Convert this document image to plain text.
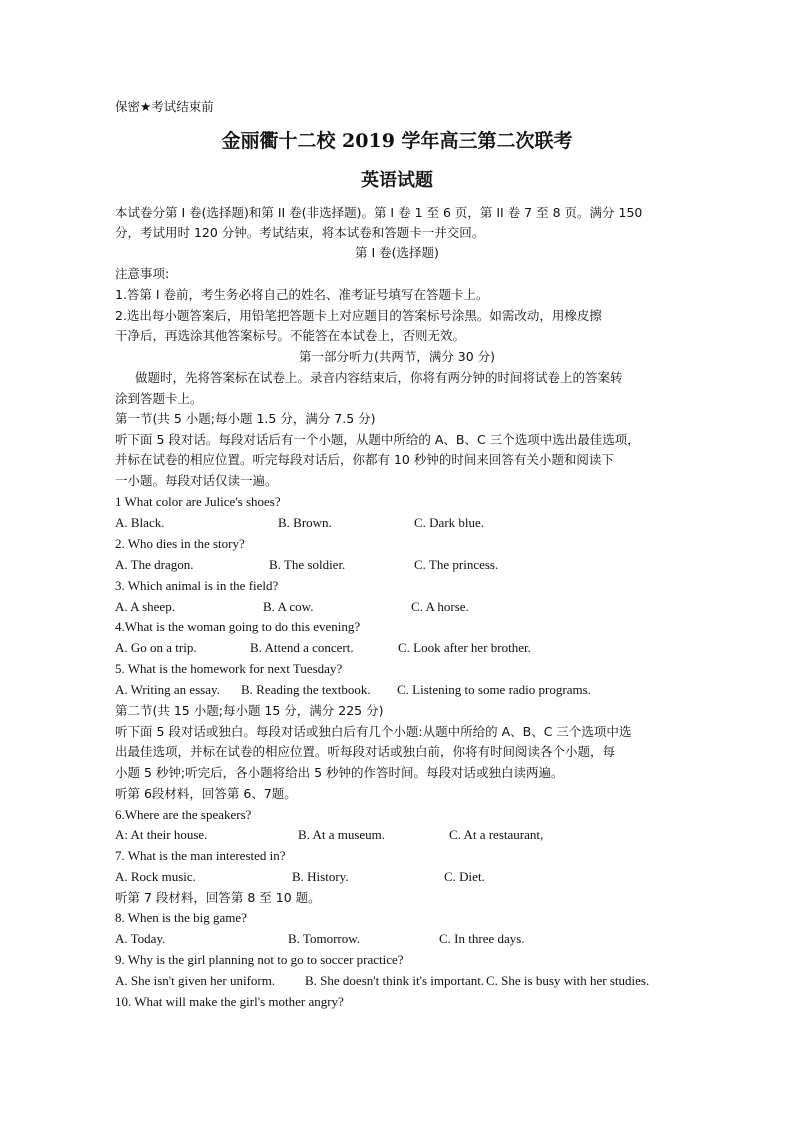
保密★考试结束前
金丽衢十二校 2019 学年高三第二次联考
英语试题
本试卷分第 I 卷(选择题)和第 II 卷(非选择题)。第 I 卷 1 至 6 页，第 II 卷 7 至 8 页。满分 150
分，考试用时 120 分钟。考试结束，将本试卷和答题卡一并交回。
第 I 卷(选择题)
注意事项:
1.答第 I 卷前，考生务必将自己的姓名、准考证号填写在答题卡上。
2.选出每小题答案后，用铅笔把答题卡上对应题目的答案标号涂黑。如需改动，用橡皮擦
干净后，再选涂其他答案标号。不能答在本试卷上，否则无效。
第一部分听力(共两节，满分 30 分)
做题时，先将答案标在试卷上。录音内容结束后，你将有两分钟的时间将试卷上的答案转
涂到答题卡上。
第一节(共 5 小题;每小题 1.5 分，满分 7.5 分)
听下面 5 段对话。每段对话后有一个小题，从题中所给的 A、B、C 三个选项中选出最佳选项，
并标在试卷的相应位置。听完每段对话后，你都有 10 秒钟的时间来回答有关小题和阅读下
一小题。每段对话仅读一遍。
1 What color are Julice's shoes?
A. Black.	B. Brown.	C. Dark blue.
2. Who dies in the story?
A. The dragon.	B. The soldier.	C. The princess.
3. Which animal is in the field?
A. A sheep.	B. A cow.	C. A horse.
4.What is the woman going to do this evening?
A. Go on a trip.	B. Attend a concert.	C. Look after her brother.
5. What is the homework for next Tuesday?
A. Writing an essay. B. Reading the textbook. C. Listening to some radio programs.
第二节(共 15 小题;每小题 15 分，满分 225 分)
听下面 5 段对话或独白。每段对话或独白后有几个小题:从题中所给的 A、B、C 三个选项中选
出最佳选项，并标在试卷的相应位置。听每段对话或独白前，你将有时间阅读各个小题，每
小题 5 秒钟;听完后，各小题将给出 5 秒钟的作答时间。每段对话或独白读两遍。
听第 6段材料，回答第 6、7题。
6.Where are the speakers?
A: At their house.	B. At a museum.	C. At a restaurant,
7. What is the man interested in?
A. Rock music.	B. History.	C. Diet.
听第 7 段材料，回答第 8 至 10 题。
8. When is the big game?
A. Today.	B. Tomorrow.	C. In three days.
9. Why is the girl planning not to go to soccer practice?
A. She isn't given her uniform. B. She doesn't think it's important. C. She is busy with her studies.
10. What will make the girl's mother angry?
